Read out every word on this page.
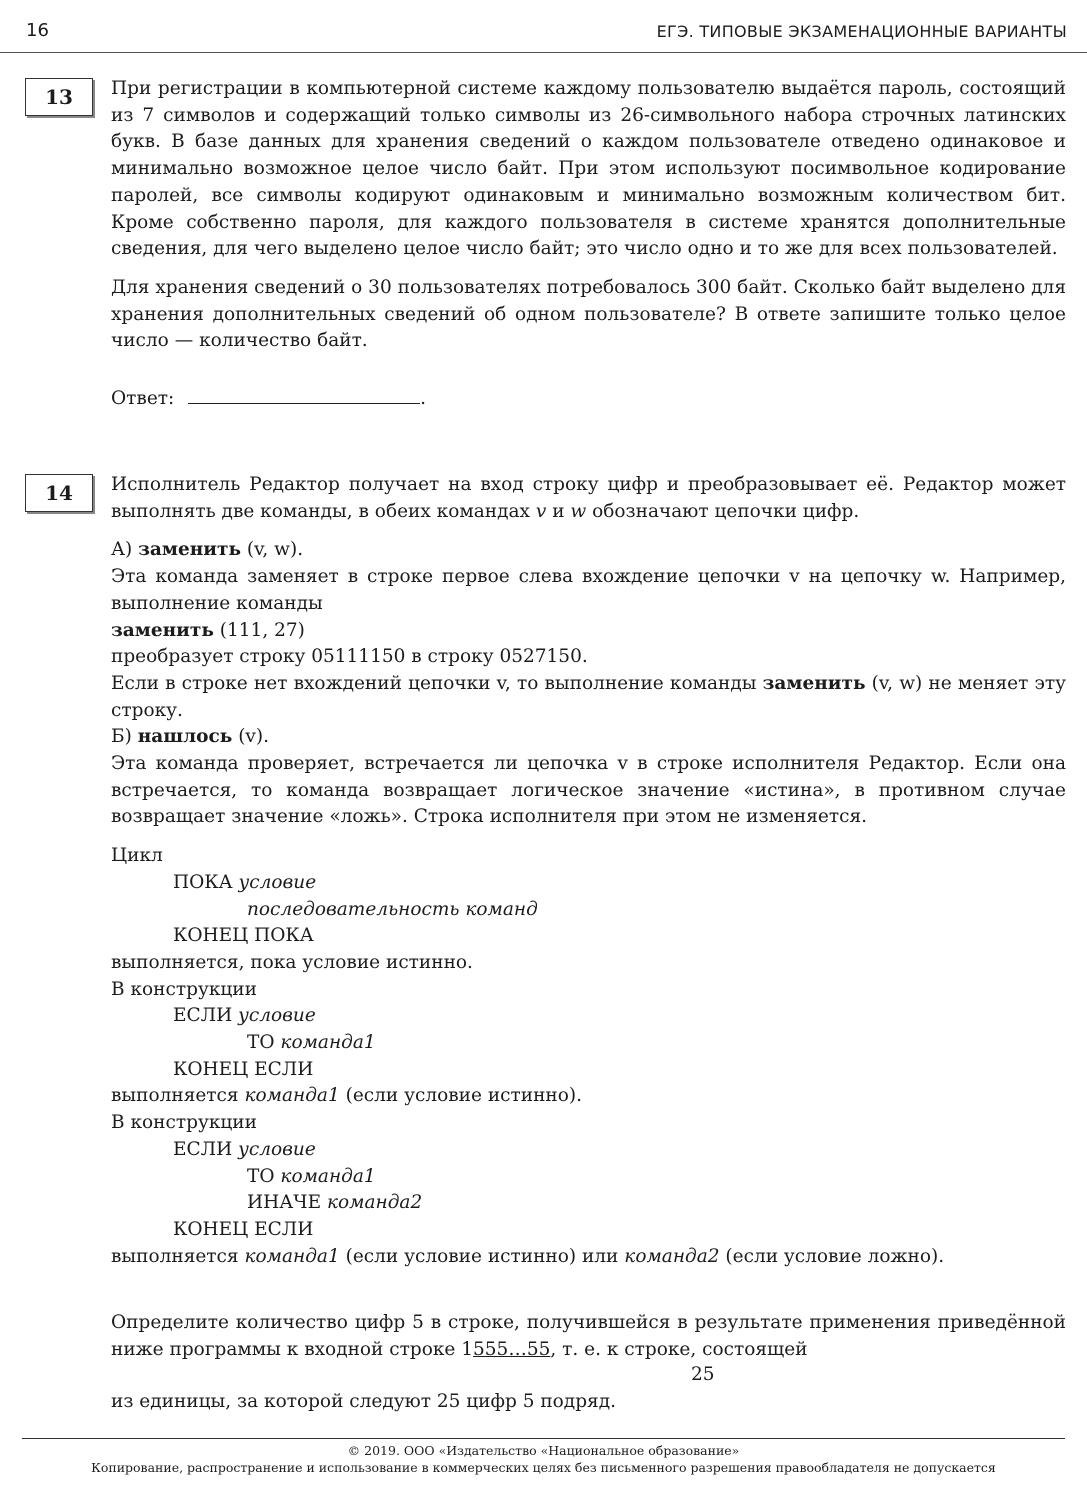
16	ЕГЭ. ТИПОВЫЕ ЭКЗАМЕНАЦИОННЫЕ ВАРИАНТЫ
13	При регистрации в компьютерной системе каждому пользователю выдаётся пароль, состоящий из 7 символов и содержащий только символы из 26-символьного набора строчных латинских букв. В базе данных для хранения сведений о каждом пользователе отведено одинаковое и минимально возможное целое число байт. При этом используют посимвольное кодирование паролей, все символы кодируют одинаковым и минимально возможным количеством бит. Кроме собственно пароля, для каждого пользователя в системе хранятся дополнительные сведения, для чего выделено целое число байт; это число одно и то же для всех пользователей.

Для хранения сведений о 30 пользователях потребовалось 300 байт. Сколько байт выделено для хранения дополнительных сведений об одном пользователе? В ответе запишите только целое число — количество байт.

Ответ:	.

14	Исполнитель Редактор получает на вход строку цифр и преобразовывает её. Редактор может выполнять две команды, в обеих командах v и w обозначают цепочки цифр.

А) заменить (v, w).

Эта команда заменяет в строке первое слева вхождение цепочки v на цепочку w. Например, выполнение команды

заменить (111, 27)

преобразует строку 05111150 в строку 0527150.

Если в строке нет вхождений цепочки v, то выполнение команды заменить (v, w) не меняет эту строку.

Б) нашлось (v).

Эта команда проверяет, встречается ли цепочка v в строке исполнителя Редактор. Если она встречается, то команда возвращает логическое значение «истина», в противном случае возвращает значение «ложь». Строка исполнителя при этом не изменяется.

Цикл
ПОКА условие
последовательность команд
КОНЕЦ ПОКА
выполняется, пока условие истинно.
В конструкции
ЕСЛИ условие
ТО команда1
КОНЕЦ ЕСЛИ
выполняется команда1 (если условие истинно).
В конструкции
ЕСЛИ условие
ТО команда1
ИНАЧЕ команда2
КОНЕЦ ЕСЛИ
выполняется команда1 (если условие истинно) или команда2 (если условие ложно).

Определите количество цифр 5 в строке, получившейся в результате применения приведённой ниже программы к входной строке 1555…55, т. е. к строке, состоящей

25

из единицы, за которой следуют 25 цифр 5 подряд.

© 2019. ООО «Издательство «Национальное образование»
Копирование, распространение и использование в коммерческих целях без письменного разрешения правообладателя не допускается
